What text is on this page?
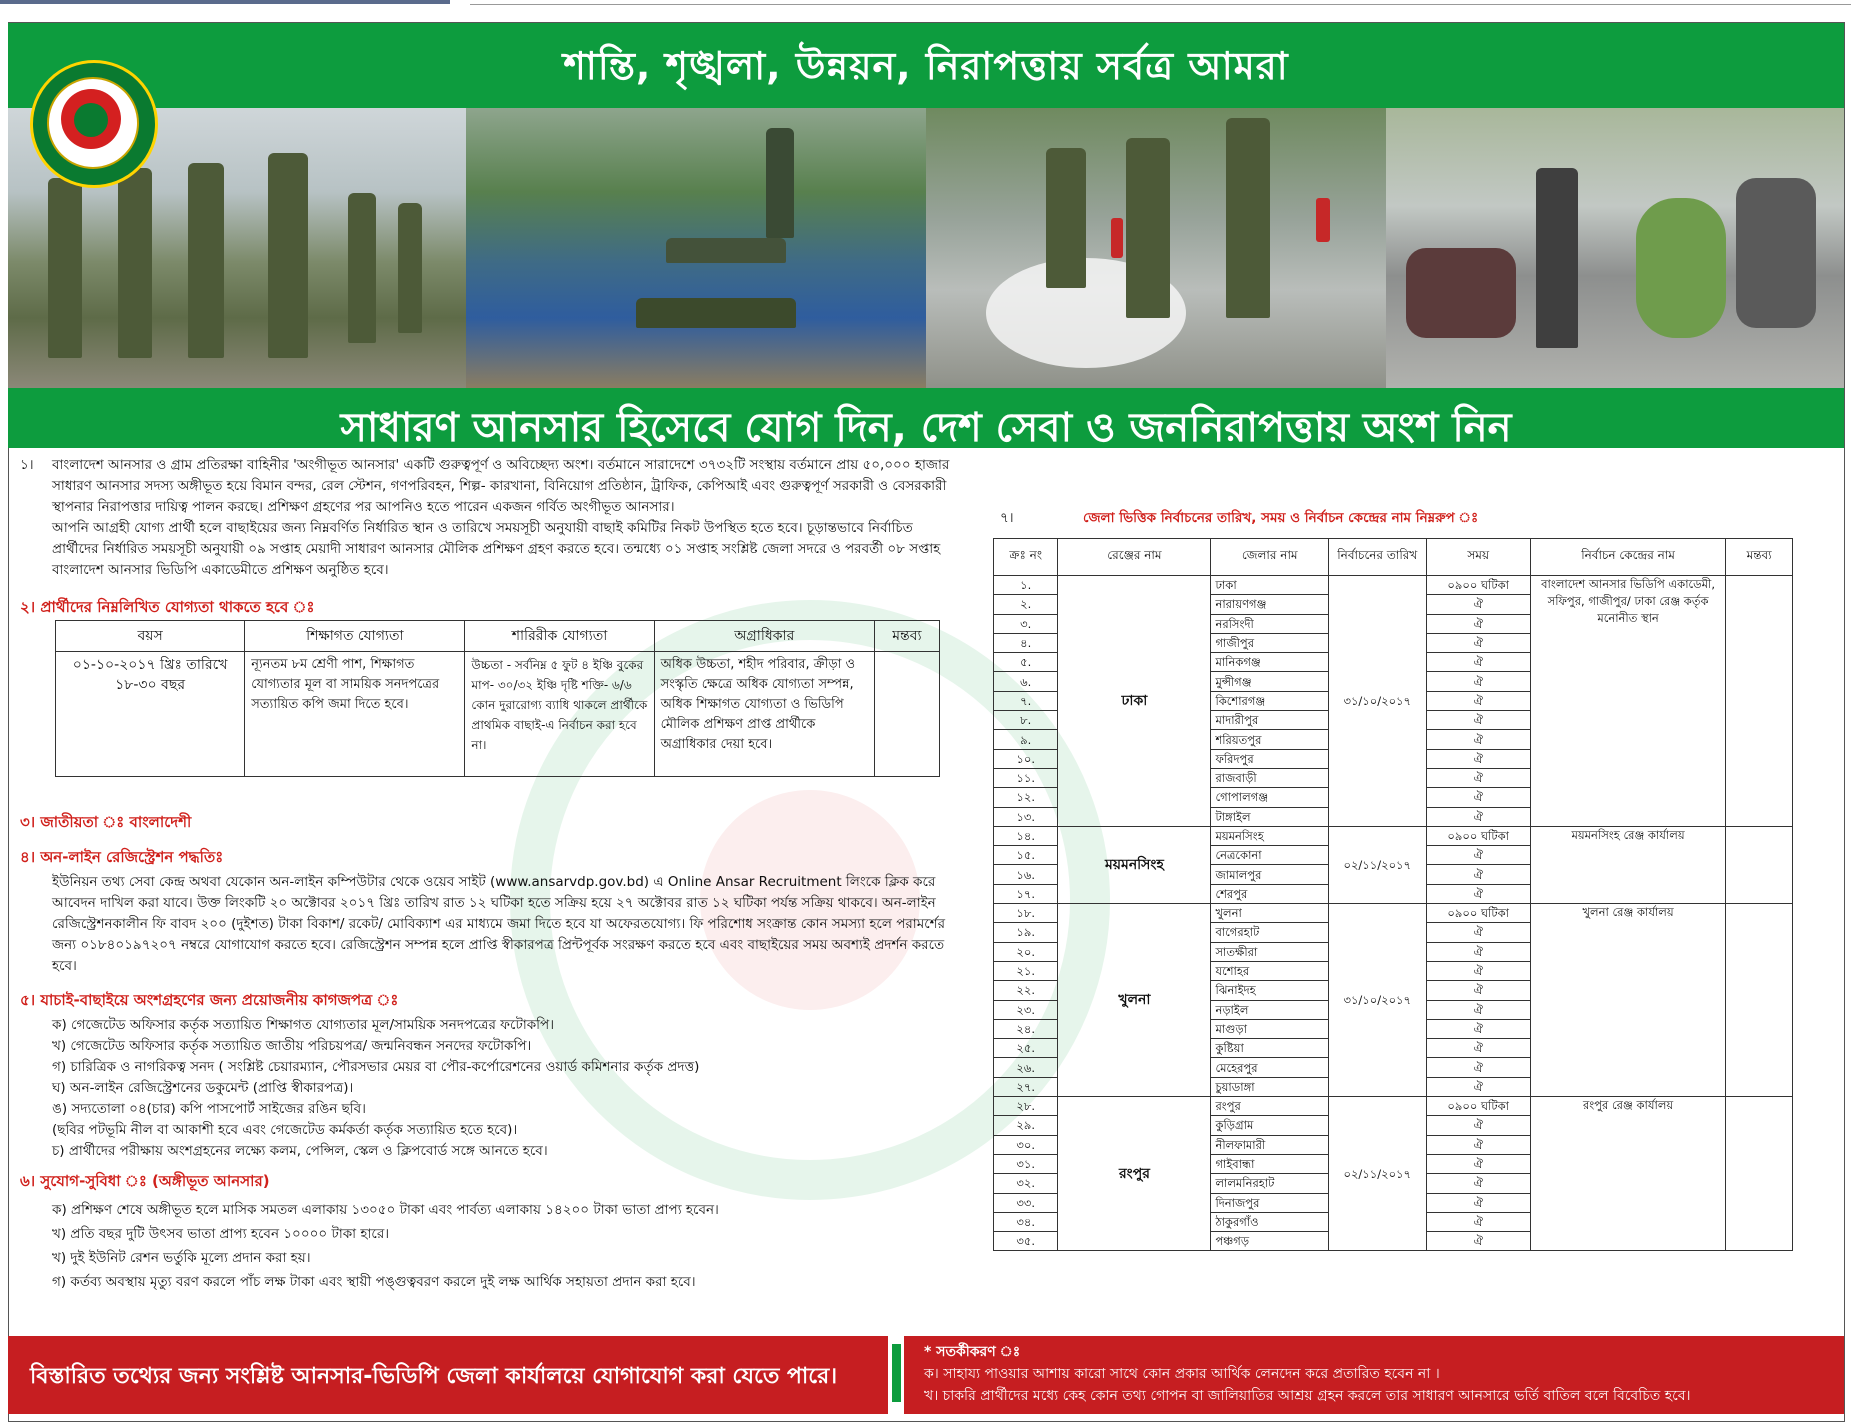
শান্তি, শৃঙ্খলা, উন্নয়ন, নিরাপত্তায় সর্বত্র আমরা
সাধারণ আনসার হিসেবে যোগ দিন, দেশ সেবা ও জননিরাপত্তায় অংশ নিন
১। বাংলাদেশ আনসার ও গ্রাম প্রতিরক্ষা বাহিনীর 'অংগীভূত আনসার' একটি গুরুত্বপূর্ণ ও অবিচ্ছেদ্য অংশ। বর্তমানে সারাদেশে ৩৭৩২টি সংস্থায় বর্তমানে প্রায় ৫০,০০০ হাজার সাধারণ আনসার সদস্য অঙ্গীভূত হয়ে বিমান বন্দর, রেল স্টেশন, গণপরিবহন, শিল্প- কারখানা, বিনিয়োগ প্রতিষ্ঠান, ট্রাফিক, কেপিআই এবং গুরুত্বপূর্ণ সরকারী ও বেসরকারী স্থাপনার নিরাপত্তার দায়িত্ব পালন করছে। প্রশিক্ষণ গ্রহণের পর আপনিও হতে পারেন একজন গর্বিত অংগীভূত আনসার।
আপনি আগ্রহী যোগ্য প্রার্থী হলে বাছাইয়ের জন্য নিম্নবর্ণিত নির্ধারিত স্থান ও তারিখে সময়সূচী অনুযায়ী বাছাই কমিটির নিকট উপস্থিত হতে হবে। চূড়ান্তভাবে নির্বাচিত প্রার্থীদের নির্ধারিত সময়সূচী অনুযায়ী ০৯ সপ্তাহ মেয়াদী সাধারণ আনসার মৌলিক প্রশিক্ষণ গ্রহণ করতে হবে। তন্মধ্যে ০১ সপ্তাহ সংশ্লিষ্ট জেলা সদরে ও পরবর্তী ০৮ সপ্তাহ বাংলাদেশ আনসার ভিডিপি একাডেমীতে প্রশিক্ষণ অনুষ্ঠিত হবে।
২। প্রার্থীদের নিম্নলিখিত যোগ্যতা থাকতে হবে ঃ
বয়স	শিক্ষাগত যোগ্যতা	শারিরীক যোগ্যতা	অগ্রাধিকার	মন্তব্য
০১-১০-২০১৭ খ্রিঃ তারিখে ১৮-৩০ বছর	ন্যূনতম ৮ম শ্রেণী পাশ, শিক্ষাগত যোগ্যতার মূল বা সাময়িক সনদপত্রের সত্যায়িত কপি জমা দিতে হবে।	উচ্চতা - সর্বনিম্ন ৫ ফুট ৪ ইঞ্চি বুকের মাপ- ৩০/৩২ ইঞ্চি দৃষ্টি শক্তি- ৬/৬ কোন দুরারোগ্য ব্যাধি থাকলে প্রার্থীকে প্রাথমিক বাছাই-এ নির্বাচন করা হবে না।	অধিক উচ্চতা, শহীদ পরিবার, ক্রীড়া ও সংস্কৃতি ক্ষেত্রে অধিক যোগ্যতা সম্পন্ন, অধিক শিক্ষাগত যোগ্যতা ও ভিডিপি মৌলিক প্রশিক্ষণ প্রাপ্ত প্রার্থীকে অগ্রাধিকার দেয়া হবে।	
৩। জাতীয়তা ঃ বাংলাদেশী
৪। অন-লাইন রেজিস্ট্রেশন পদ্ধতিঃ
ইউনিয়ন তথ্য সেবা কেন্দ্র অথবা যেকোন অন-লাইন কম্পিউটার থেকে ওয়েব সাইট (www.ansarvdp.gov.bd) এ Online Ansar Recruitment লিংকে ক্লিক করে আবেদন দাখিল করা যাবে। উক্ত লিংকটি ২০ অক্টোবর ২০১৭ খ্রিঃ তারিখ রাত ১২ ঘটিকা হতে সক্রিয় হয়ে ২৭ অক্টোবর রাত ১২ ঘটিকা পর্যন্ত সক্রিয় থাকবে। অন-লাইন রেজিস্ট্রেশনকালীন ফি বাবদ ২০০ (দুইশত) টাকা বিকাশ/ রকেট/ মোবিক্যাশ এর মাধ্যমে জমা দিতে হবে যা অফেরতযোগ্য। ফি পরিশোধ সংক্রান্ত কোন সমস্যা হলে পরামর্শের জন্য ০১৮৪০১৯৭২০৭ নম্বরে যোগাযোগ করতে হবে। রেজিস্ট্রেশন সম্পন্ন হলে প্রাপ্তি স্বীকারপত্র প্রিন্টপূর্বক সংরক্ষণ করতে হবে এবং বাছাইয়ের সময় অবশ্যই প্রদর্শন করতে হবে।
৫। যাচাই-বাছাইয়ে অংশগ্রহণের জন্য প্রয়োজনীয় কাগজপত্র ঃ
ক) গেজেটেড অফিসার কর্তৃক সত্যায়িত শিক্ষাগত যোগ্যতার মূল/সাময়িক সনদপত্রের ফটোকপি।
খ) গেজেটেড অফিসার কর্তৃক সত্যায়িত জাতীয় পরিচয়পত্র/ জন্মনিবন্ধন সনদের ফটোকপি।
গ) চারিত্রিক ও নাগরিকত্ব সনদ ( সংশ্লিষ্ট চেয়ারম্যান, পৌরসভার মেয়র বা পৌর-কর্পোরেশনের ওয়ার্ড কমিশনার কর্তৃক প্রদত্ত)
ঘ) অন-লাইন রেজিস্ট্রেশনের ডকুমেন্ট (প্রাপ্তি স্বীকারপত্র)।
ঙ) সদ্যতোলা ০৪(চার) কপি পাসপোর্ট সাইজের রঙিন ছবি।
(ছবির পটভূমি নীল বা আকাশী হবে এবং গেজেটেড কর্মকর্তা কর্তৃক সত্যায়িত হতে হবে)।
চ) প্রার্থীদের পরীক্ষায় অংশগ্রহনের লক্ষ্যে কলম, পেন্সিল, স্কেল ও ক্লিপবোর্ড সঙ্গে আনতে হবে।
৬। সুযোগ-সুবিধা ঃ (অঙ্গীভূত আনসার)
ক) প্রশিক্ষণ শেষে অঙ্গীভূত হলে মাসিক সমতল এলাকায় ১৩০৫০ টাকা এবং পার্বত্য এলাকায় ১৪২০০ টাকা ভাতা প্রাপ্য হবেন।
খ) প্রতি বছর দুটি উৎসব ভাতা প্রাপ্য হবেন ১০০০০ টাকা হারে।
খ) দুই ইউনিট রেশন ভর্তুকি মূল্যে প্রদান করা হয়।
গ) কর্তব্য অবস্থায় মৃত্যু বরণ করলে পাঁচ লক্ষ টাকা এবং স্থায়ী পঙ্গুত্ববরণ করলে দুই লক্ষ আর্থিক সহায়তা প্রদান করা হবে।
৭।	জেলা ভিত্তিক নির্বাচনের তারিখ, সময় ও নির্বাচন কেন্দ্রের নাম নিম্নরুপ ঃ
ক্রঃ নং	রেঞ্জের নাম	জেলার নাম	নির্বাচনের তারিখ	সময়	নির্বাচন কেন্দ্রের নাম	মন্তব্য
১.	ঢাকা	ঢাকা	৩১/১০/২০১৭	০৯০০ ঘটিকা	বাংলাদেশ আনসার ভিডিপি একাডেমী, সফিপুর, গাজীপুর/ ঢাকা রেঞ্জ কর্তৃক মনোনীত স্থান	
২.		নারায়ণগঞ্জ		ঐ		
৩.		নরসিংদী		ঐ		
৪.		গাজীপুর		ঐ		
৫.		মানিকগঞ্জ		ঐ		
৬.		মুন্সীগঞ্জ		ঐ		
৭.		কিশোরগঞ্জ		ঐ		
৮.		মাদারীপুর		ঐ		
৯.		শরিয়তপুর		ঐ		
১০.		ফরিদপুর		ঐ		
১১.		রাজবাড়ী		ঐ		
১২.		গোপালগঞ্জ		ঐ		
১৩.		টাঙ্গাইল		ঐ		
১৪.	ময়মনসিংহ	ময়মনসিংহ	০২/১১/২০১৭	০৯০০ ঘটিকা	ময়মনসিংহ রেঞ্জ কার্যালয়	
১৫.		নেত্রকোনা		ঐ		
১৬.		জামালপুর		ঐ		
১৭.		শেরপুর		ঐ		
১৮.	খুলনা	খুলনা	৩১/১০/২০১৭	০৯০০ ঘটিকা	খুলনা রেঞ্জ কার্যালয়	
১৯.		বাগেরহাট		ঐ		
২০.		সাতক্ষীরা		ঐ		
২১.		যশোহর		ঐ		
২২.		ঝিনাইদহ		ঐ		
২৩.		নড়াইল		ঐ		
২৪.		মাগুড়া		ঐ		
২৫.		কুষ্টিয়া		ঐ		
২৬.		মেহেরপুর		ঐ		
২৭.		চুয়াডাঙ্গা		ঐ		
২৮.	রংপুর	রংপুর	০২/১১/২০১৭	০৯০০ ঘটিকা	রংপুর রেঞ্জ কার্যালয়	
২৯.		কুড়িগ্রাম		ঐ		
৩০.		নীলফামারী		ঐ		
৩১.		গাইবান্ধা		ঐ		
৩২.		লালমনিরহাট		ঐ		
৩৩.		দিনাজপুর		ঐ		
৩৪.		ঠাকুরগাঁও		ঐ		
৩৫.		পঞ্চগড়		ঐ		
বিস্তারিত তথ্যের জন্য সংশ্লিষ্ট আনসার-ভিডিপি জেলা কার্যালয়ে যোগাযোগ করা যেতে পারে।
* সতর্কীকরণ ঃ
ক। সাহায্য পাওয়ার আশায় কারো সাথে কোন প্রকার আর্থিক লেনদেন করে প্রতারিত হবেন না ।
খ। চাকরি প্রার্থীদের মধ্যে কেহ কোন তথ্য গোপন বা জালিয়াতির আশ্রয় গ্রহন করলে তার সাধারণ আনসারে ভর্তি বাতিল বলে বিবেচিত হবে।
